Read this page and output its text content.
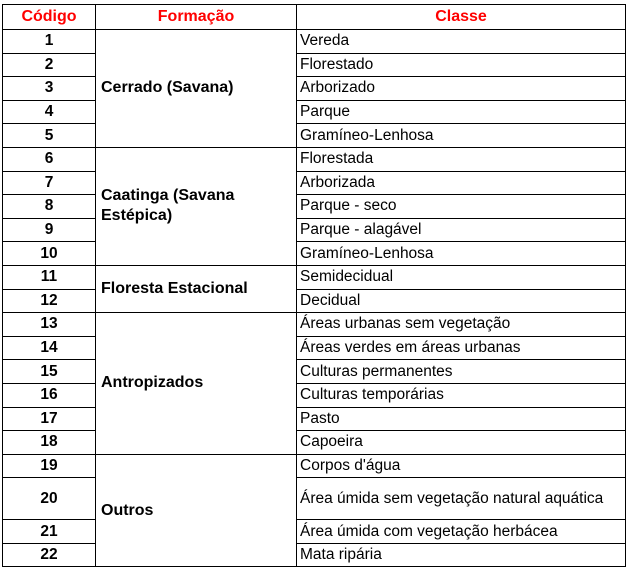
Código	Formação	Classe
1	Cerrado (Savana)	Vereda
2		Florestado
3		Arborizado
4		Parque
5		Gramíneo-Lenhosa
6	Caatinga (Savana Estépica)	Florestada
7		Arborizada
8		Parque - seco
9		Parque - alagável
10		Gramíneo-Lenhosa
11	Floresta Estacional	Semidecidual
12		Decidual
13	Antropizados	Áreas urbanas sem vegetação
14		Áreas verdes em áreas urbanas
15		Culturas permanentes
16		Culturas temporárias
17		Pasto
18		Capoeira
19	Outros	Corpos d'água
20		Área úmida sem vegetação natural aquática
21		Área úmida com vegetação herbácea
22		Mata ripária
